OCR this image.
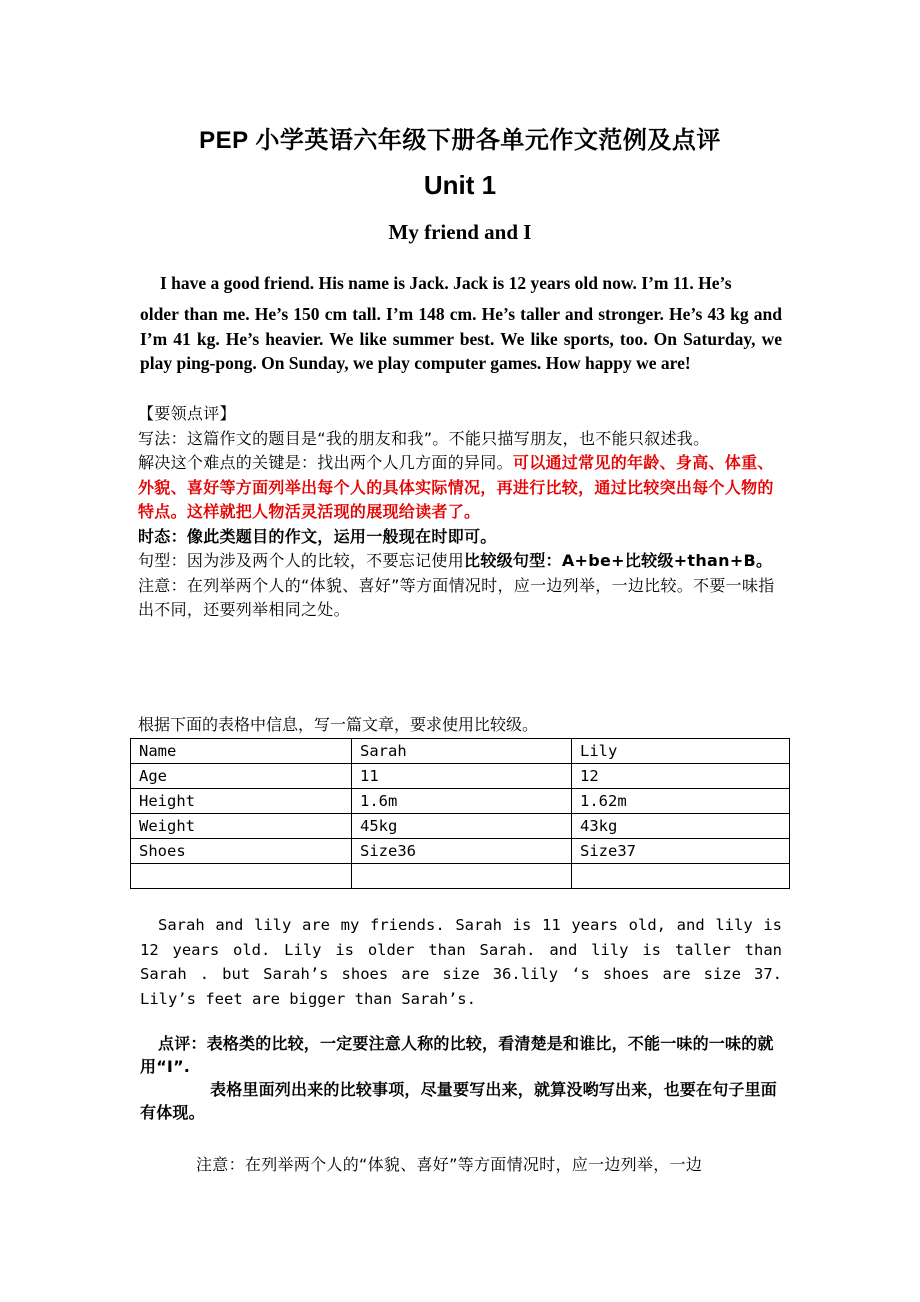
PEP 小学英语六年级下册各单元作文范例及点评
Unit 1
My friend and I
I have a good friend. His name is Jack. Jack is 12 years old now. I’m 11. He’s
older than me. He’s 150 cm tall. I’m 148 cm. He’s taller and stronger. He’s 43 kg and I’m 41 kg. He’s heavier. We like summer best. We like sports, too. On Saturday, we play ping-pong. On Sunday, we play computer games. How happy we are!

【要领点评】

写法：这篇作文的题目是“我的朋友和我”。不能只描写朋友，也不能只叙述我。

解决这个难点的关键是：找出两个人几方面的异同。可以通过常见的年龄、身高、体重、外貌、喜好等方面列举出每个人的具体实际情况，再进行比较，通过比较突出每个人物的特点。这样就把人物活灵活现的展现给读者了。

时态：像此类题目的作文，运用一般现在时即可。

句型：因为涉及两个人的比较，不要忘记使用比较级句型：A+be+比较级+than+B。

注意：在列举两个人的“体貌、喜好”等方面情况时，应一边列举，一边比较。不要一味指出不同，还要列举相同之处。

根据下面的表格中信息，写一篇文章，要求使用比较级。
Name	Sarah	Lily
Age	11	12
Height	1.6m	1.62m
Weight	45kg	43kg
Shoes	Size36	Size37

Sarah and lily are my friends. Sarah is 11 years old, and lily is 12 years old. Lily is older than Sarah. and lily is taller than Sarah . but Sarah’s shoes are size 36.lily ‘s shoes are size 37. Lily’s feet are bigger than Sarah’s.

点评：表格类的比较，一定要注意人称的比较，看清楚是和谁比，不能一味的一味的就用“I”.

表格里面列出来的比较事项，尽量要写出来，就算没哟写出来，也要在句子里面有体现。

注意：在列举两个人的“体貌、喜好”等方面情况时，应一边列举，一边
